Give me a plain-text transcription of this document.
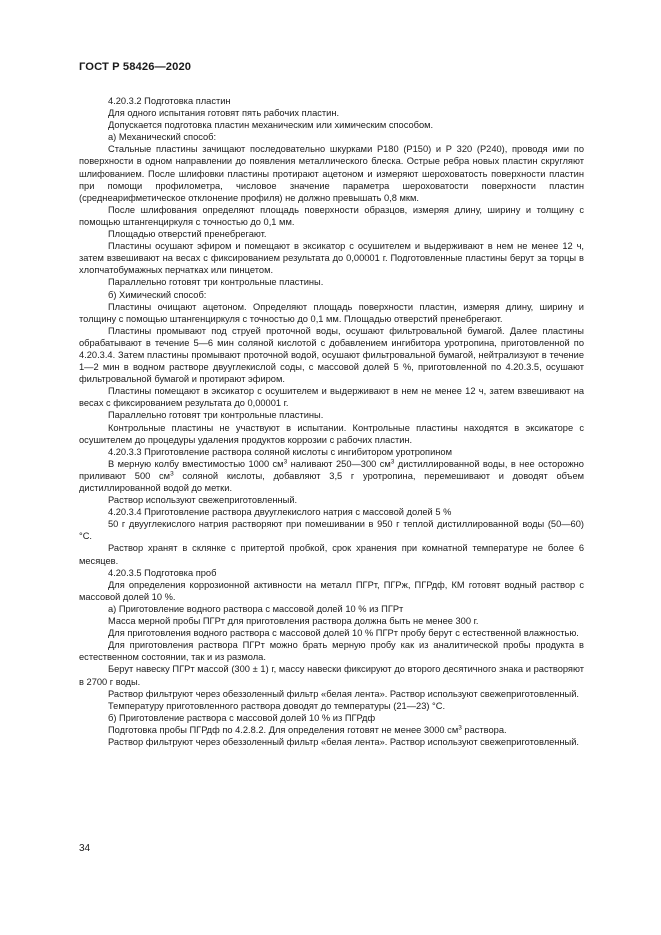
ГОСТ Р 58426—2020

4.20.3.2 Подготовка пластин

Для одного испытания готовят пять рабочих пластин.

Допускается подготовка пластин механическим или химическим способом.

а) Механический способ:

Стальные пластины зачищают последовательно шкурками Р180 (Р150) и Р 320 (Р240), проводя ими по поверхности в одном направлении до появления металлического блеска. Острые ребра новых пластин скругляют шлифованием. После шлифовки пластины протирают ацетоном и измеряют шероховатость поверхности пластин при помощи профилометра, числовое значение параметра шероховатости поверхности пластин (среднеарифметическое отклонение профиля) не должно превышать 0,8 мкм.

После шлифования определяют площадь поверхности образцов, измеряя длину, ширину и толщину с помощью штангенциркуля с точностью до 0,1 мм.

Площадью отверстий пренебрегают.

Пластины осушают эфиром и помещают в эксикатор с осушителем и выдерживают в нем не менее 12 ч, затем взвешивают на весах с фиксированием результата до 0,00001 г. Подготовленные пластины берут за торцы в хлопчатобумажных перчатках или пинцетом.

Параллельно готовят три контрольные пластины.

б) Химический способ:

Пластины очищают ацетоном. Определяют площадь поверхности пластин, измеряя длину, ширину и толщину с помощью штангенциркуля с точностью до 0,1 мм. Площадью отверстий пренебрегают.

Пластины промывают под струей проточной воды, осушают фильтровальной бумагой. Далее пластины обрабатывают в течение 5—6 мин соляной кислотой с добавлением ингибитора уротропина, приготовленной по 4.20.3.4. Затем пластины промывают проточной водой, осушают фильтровальной бумагой, нейтрализуют в течение 1—2 мин в водном растворе двууглекислой соды, с массовой долей 5 %, приготовленной по 4.20.3.5, осушают фильтровальной бумагой и протирают эфиром.

Пластины помещают в эксикатор с осушителем и выдерживают в нем не менее 12 ч, затем взвешивают на весах с фиксированием результата до 0,00001 г.

Параллельно готовят три контрольные пластины.

Контрольные пластины не участвуют в испытании. Контрольные пластины находятся в эксикаторе с осушителем до процедуры удаления продуктов коррозии с рабочих пластин.

4.20.3.3 Приготовление раствора соляной кислоты с ингибитором уротропином

В мерную колбу вместимостью 1000 $см^3$ наливают 250—300 $см^3$ дистиллированной воды, в нее осторожно приливают 500 $см^3$ соляной кислоты, добавляют 3,5 г уротропина, перемешивают и доводят объем дистиллированной водой до метки.

Раствор используют свежеприготовленный.

4.20.3.4 Приготовление раствора двууглекислого натрия с массовой долей 5 %

50 г двууглекислого натрия растворяют при помешивании в 950 г теплой дистиллированной воды (50—60) °С.

Раствор хранят в склянке с притертой пробкой, срок хранения при комнатной температуре не более 6 месяцев.

4.20.3.5 Подготовка проб

Для определения коррозионной активности на металл ПГРт, ПГРж, ПГРдф, КМ готовят водный раствор с массовой долей 10 %.

а) Приготовление водного раствора с массовой долей 10 % из ПГРт

Масса мерной пробы ПГРт для приготовления раствора должна быть не менее 300 г.

Для приготовления водного раствора с массовой долей 10 % ПГРт пробу берут с естественной влажностью.

Для приготовления раствора ПГРт можно брать мерную пробу как из аналитической пробы продукта в естественном состоянии, так и из размола.

Берут навеску ПГРт массой (300 ± 1) г, массу навески фиксируют до второго десятичного знака и растворяют в 2700 г воды.

Раствор фильтруют через обеззоленный фильтр «белая лента». Раствор используют свежеприготовленный.

Температуру приготовленного раствора доводят до температуры (21—23) °С.

б) Приготовление раствора с массовой долей 10 % из ПГРдф

Подготовка пробы ПГРдф по 4.2.8.2. Для определения готовят не менее 3000 $см^3$ раствора.

Раствор фильтруют через обеззоленный фильтр «белая лента». Раствор используют свежеприготовленный.

34
